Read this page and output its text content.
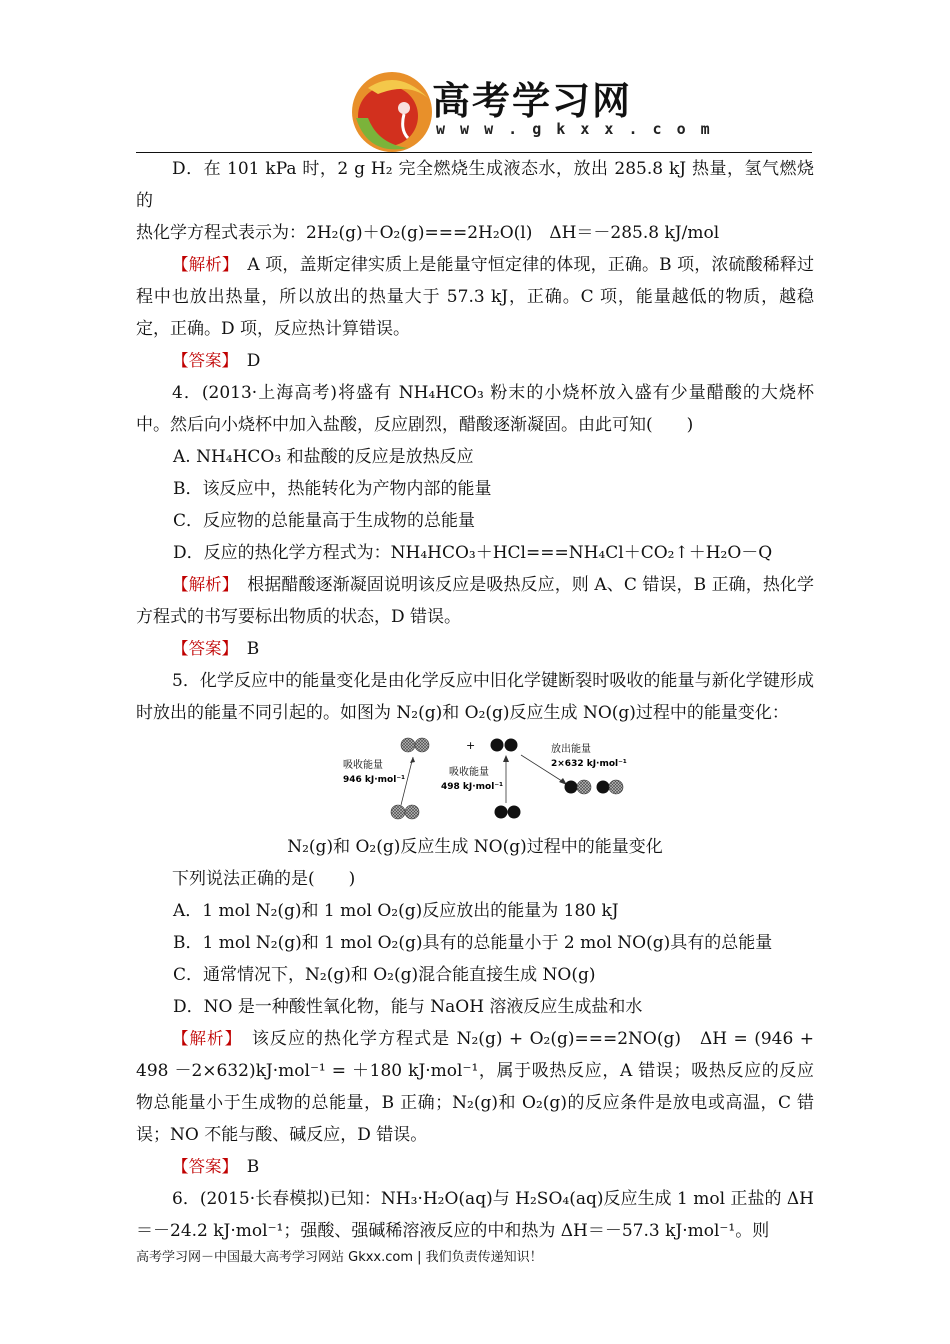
高考学习网
w w w . g k x x . c o m

D．在 101 kPa 时，2 g H₂ 完全燃烧生成液态水，放出 285.8 kJ 热量，氢气燃烧的

热化学方程式表示为：2H₂(g)＋O₂(g)===2H₂O(l)　ΔH＝－285.8 kJ/mol

【解析】　 A 项，盖斯定律实质上是能量守恒定律的体现，正确。B 项，浓硫酸稀释过程中也放出热量，所以放出的热量大于 57.3 kJ，正确。C 项，能量越低的物质，越稳定，正确。D 项，反应热计算错误。

【答案】　 D

4．(2013·上海高考)将盛有 NH₄HCO₃ 粉末的小烧杯放入盛有少量醋酸的大烧杯中。然后向小烧杯中加入盐酸，反应剧烈，醋酸逐渐凝固。由此可知(　　)

A. NH₄HCO₃ 和盐酸的反应是放热反应

B．该反应中，热能转化为产物内部的能量

C．反应物的总能量高于生成物的总能量

D．反应的热化学方程式为：NH₄HCO₃＋HCl===NH₄Cl＋CO₂↑＋H₂O－Q

【解析】　 根据醋酸逐渐凝固说明该反应是吸热反应，则 A、C 错误，B 正确，热化学方程式的书写要标出物质的状态，D 错误。

【答案】　 B

5．化学反应中的能量变化是由化学反应中旧化学键断裂时吸收的能量与新化学键形成时放出的能量不同引起的。如图为 N₂(g)和 O₂(g)反应生成 NO(g)过程中的能量变化：

+
吸收能量
946 kJ·mol⁻¹
吸收能量
498 kJ·mol⁻¹
放出能量
2×632 kJ·mol⁻¹

N₂(g)和 O₂(g)反应生成 NO(g)过程中的能量变化

下列说法正确的是(　　)

A．1 mol N₂(g)和 1 mol O₂(g)反应放出的能量为 180 kJ

B．1 mol N₂(g)和 1 mol O₂(g)具有的总能量小于 2 mol NO(g)具有的总能量

C．通常情况下，N₂(g)和 O₂(g)混合能直接生成 NO(g)

D．NO 是一种酸性氧化物，能与 NaOH 溶液反应生成盐和水

【解析】　 该反应的热化学方程式是 N₂(g) + O₂(g)===2NO(g)　ΔH = (946 + 498 －2×632)kJ·mol⁻¹ = ＋180 kJ·mol⁻¹，属于吸热反应，A 错误；吸热反应的反应物总能量小于生成物的总能量，B 正确；N₂(g)和 O₂(g)的反应条件是放电或高温，C 错误；NO 不能与酸、碱反应，D 错误。

【答案】　 B

6．(2015·长春模拟)已知：NH₃·H₂O(aq)与 H₂SO₄(aq)反应生成 1 mol 正盐的 ΔH ＝－24.2 kJ·mol⁻¹；强酸、强碱稀溶液反应的中和热为 ΔH＝－57.3 kJ·mol⁻¹。则

高考学习网－中国最大高考学习网站 Gkxx.com | 我们负责传递知识！
